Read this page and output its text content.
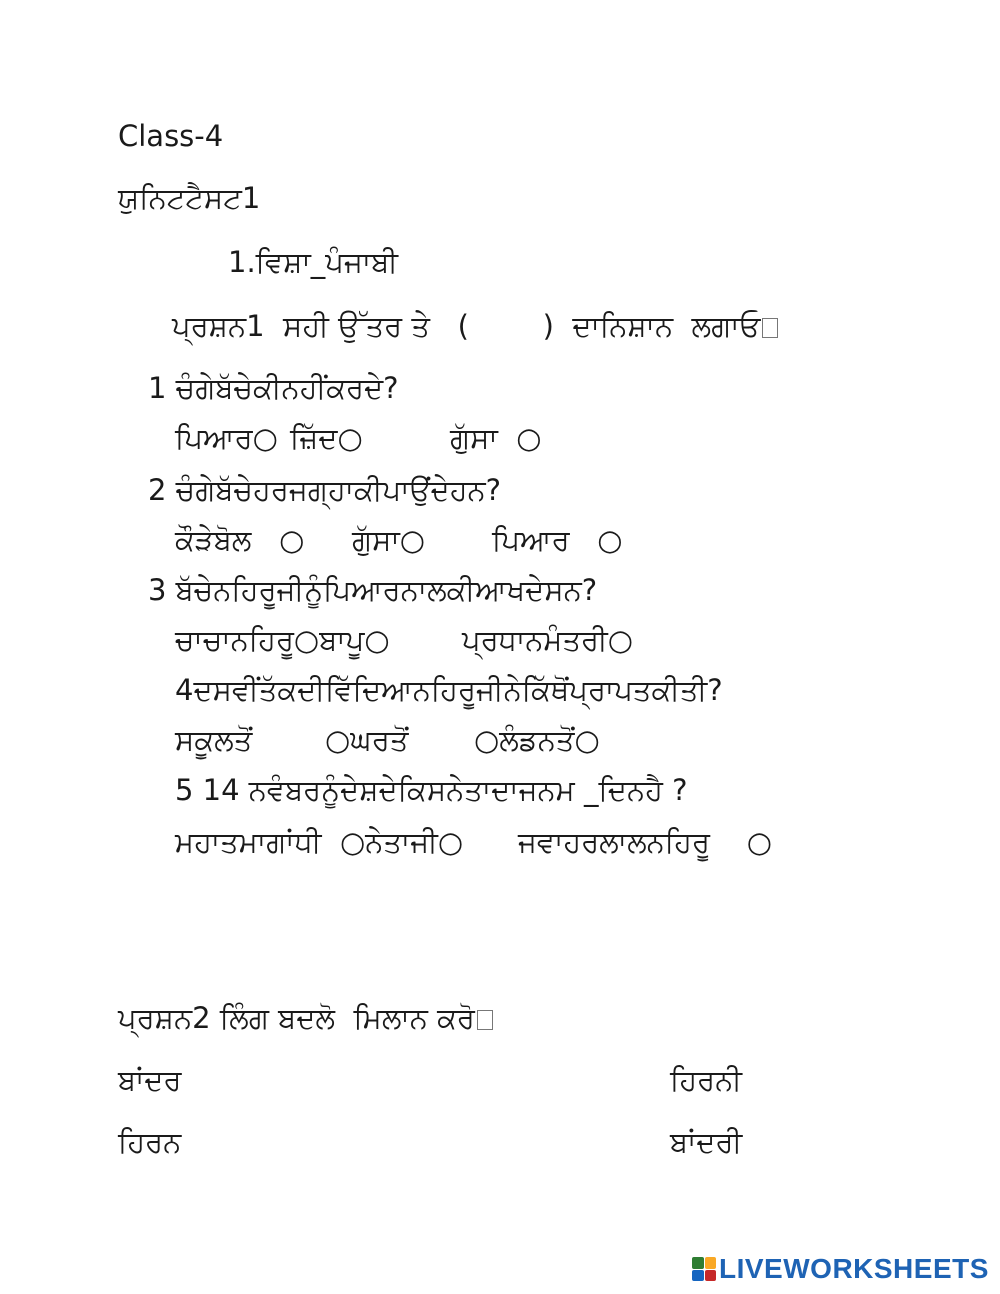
Class-4
ਯੁਨਿਟਟੈਸਟ1
1.ਵਿਸ਼ਾ_ਪੰਜਾਬੀ
ਪ੍ਰਸ਼ਨ1  ਸਹੀ ਉੱਤਰ ਤੇ   (        )  ਦਾਨਿਸ਼ਾਨ  ਲਗਾਓ
1 ਚੰਗੇਬੱਚੇਕੀਨਹੀਂਕਰਦੇ?
ਪਿਆਰ○ ਜ਼ਿੱਦ○	ਗੁੱਸਾ  ○
2 ਚੰਗੇਬੱਚੇਹਰਜਗ੍ਹਾਕੀਪਾਉਂਦੇਹਨ?
ਕੌੜੇਬੋਲ   ○ ਗੁੱਸਾ○ ਪਿਆਰ   ○
3 ਬੱਚੇਨਹਿਰੂਜੀਨੂੰਪਿਆਰਨਾਲਕੀਆਖਦੇਸਨ?
ਚਾਚਾਨਹਿਰੂ○ਬਾਪੂ○ ਪ੍ਰਧਾਨਮੰਤਰੀ○
4ਦਸਵੀਂਤੱਕਦੀਵਿੱਦਿਆਨਹਿਰੂਜੀਨੇਕਿੱਥੋਂਪ੍ਰਾਪਤਕੀਤੀ?
ਸਕੂਲਤੋਂ	○ਘਰਤੋਂ ○ਲੰਡਨਤੋਂ○
5 14 ਨਵੰਬਰਨੂੰਦੇਸ਼ਦੇਕਿਸਨੇਤਾਦਾਜਨਮ _ਦਿਨਹੈ ?
ਮਹਾਤਮਾਗਾਂਧੀ  ○ਨੇਤਾਜੀ○ ਜਵਾਹਰਲਾਲਨਹਿਰੂ    ○
ਪ੍ਰਸ਼ਨ2 ਲਿੰਗ ਬਦਲੋ  ਮਿਲਾਨ ਕਰੋ
ਬਾਂਦਰ	ਹਿਰਨੀ
ਹਿਰਨ	ਬਾਂਦਰੀ
LIVEWORKSHEETS
